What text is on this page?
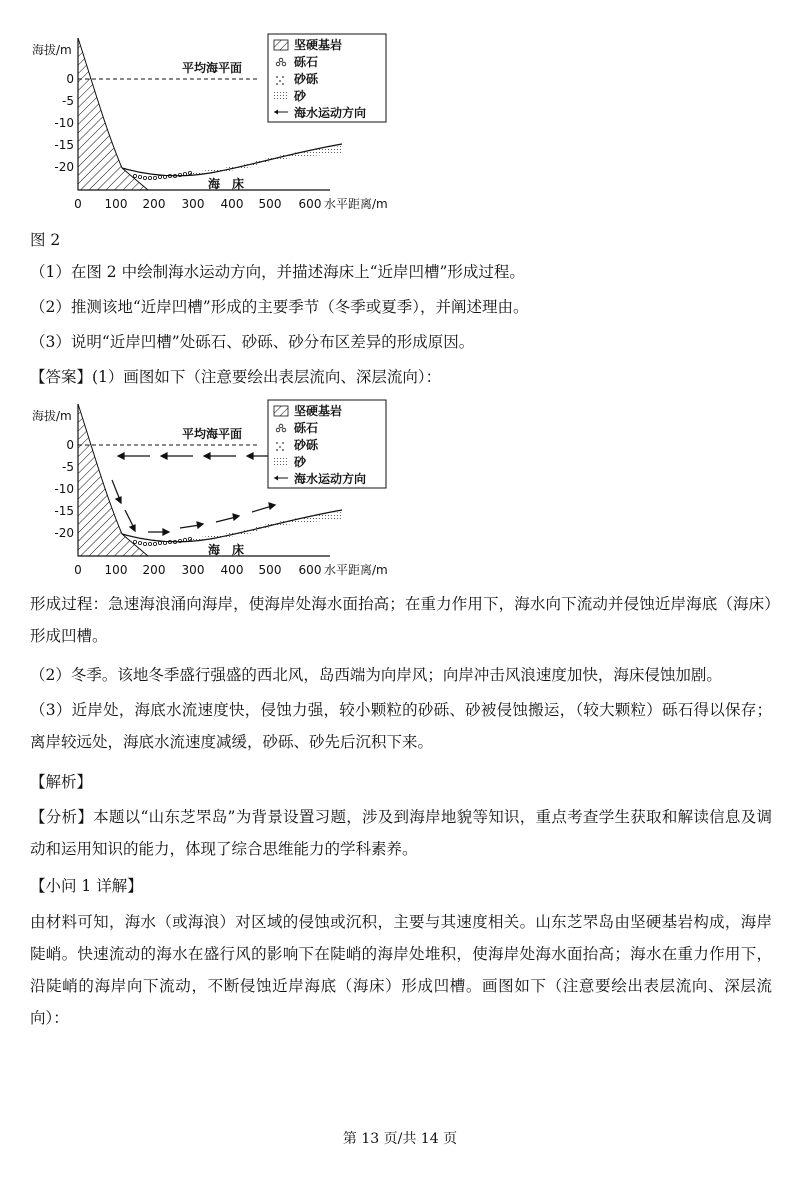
海拔/m
0
-5
-10
-15
-20
平均海平面
海　床
0 100 200 300 400 500 600 水平距离/m
坚硬基岩
砾石
砂砾
砂
海水运动方向
图 2
（1）在图 2 中绘制海水运动方向，并描述海床上“近岸凹槽”形成过程。
（2）推测该地“近岸凹槽”形成的主要季节（冬季或夏季），并阐述理由。
（3）说明“近岸凹槽”处砾石、砂砾、砂分布区差异的形成原因。
【答案】(1）画图如下（注意要绘出表层流向、深层流向）：
海拔/m
0
-5
-10
-15
-20
平均海平面
海　床
0 100 200 300 400 500 600 水平距离/m
坚硬基岩
砾石
砂砾
砂
海水运动方向
形成过程：急速海浪涌向海岸，使海岸处海水面抬高；在重力作用下，海水向下流动并侵蚀近岸海底（海床）形成凹槽。
（2）冬季。该地冬季盛行强盛的西北风，岛西端为向岸风；向岸冲击风浪速度加快，海床侵蚀加剧。
（3）近岸处，海底水流速度快，侵蚀力强，较小颗粒的砂砾、砂被侵蚀搬运，（较大颗粒）砾石得以保存；离岸较远处，海底水流速度减缓，砂砾、砂先后沉积下来。
【解析】
【分析】本题以“山东芝罘岛”为背景设置习题，涉及到海岸地貌等知识，重点考查学生获取和解读信息及调动和运用知识的能力，体现了综合思维能力的学科素养。
【小问 1 详解】
由材料可知，海水（或海浪）对区域的侵蚀或沉积，主要与其速度相关。山东芝罘岛由坚硬基岩构成，海岸陡峭。快速流动的海水在盛行风的影响下在陡峭的海岸处堆积，使海岸处海水面抬高；海水在重力作用下，沿陡峭的海岸向下流动，不断侵蚀近岸海底（海床）形成凹槽。画图如下（注意要绘出表层流向、深层流向）：
第 13 页/共 14 页
